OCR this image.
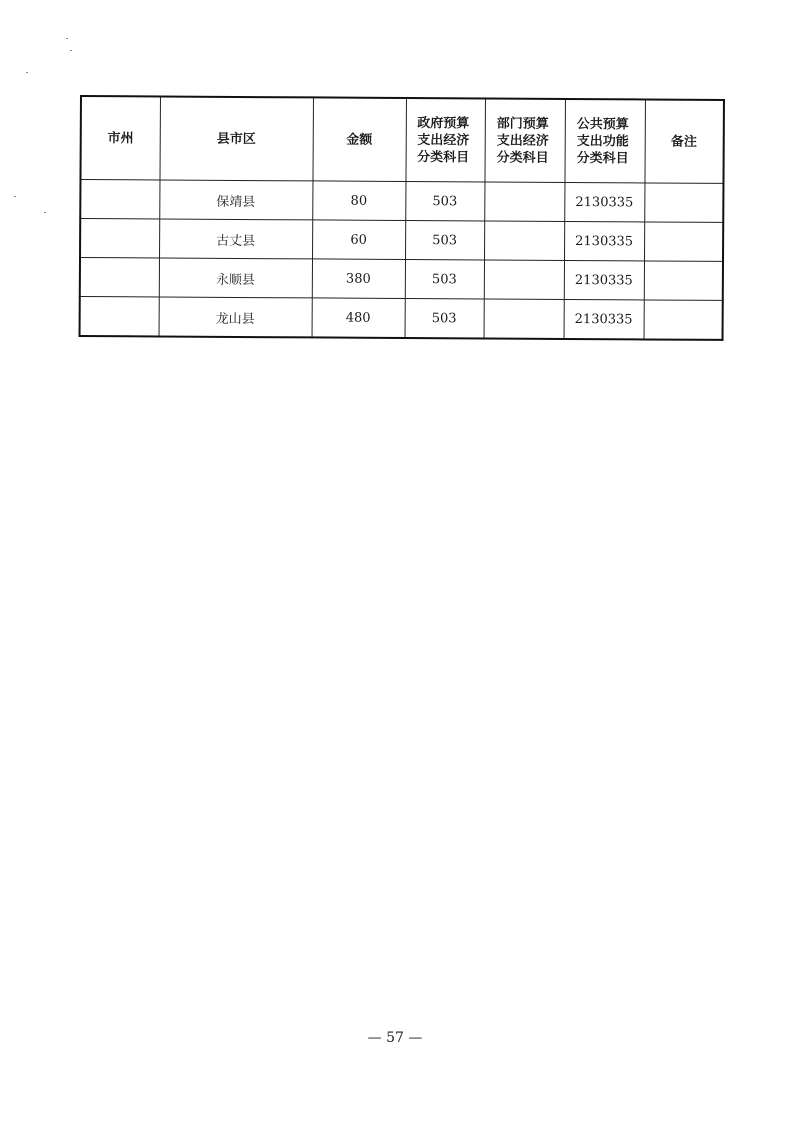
市州	县市区	金额	政府预算支出经济分类科目	部门预算支出经济分类科目	公共预算支出功能分类科目	备注
	保靖县	80	503		2130335	
	古丈县	60	503		2130335	
	永顺县	380	503		2130335	
	龙山县	480	503		2130335	
— 57 —
